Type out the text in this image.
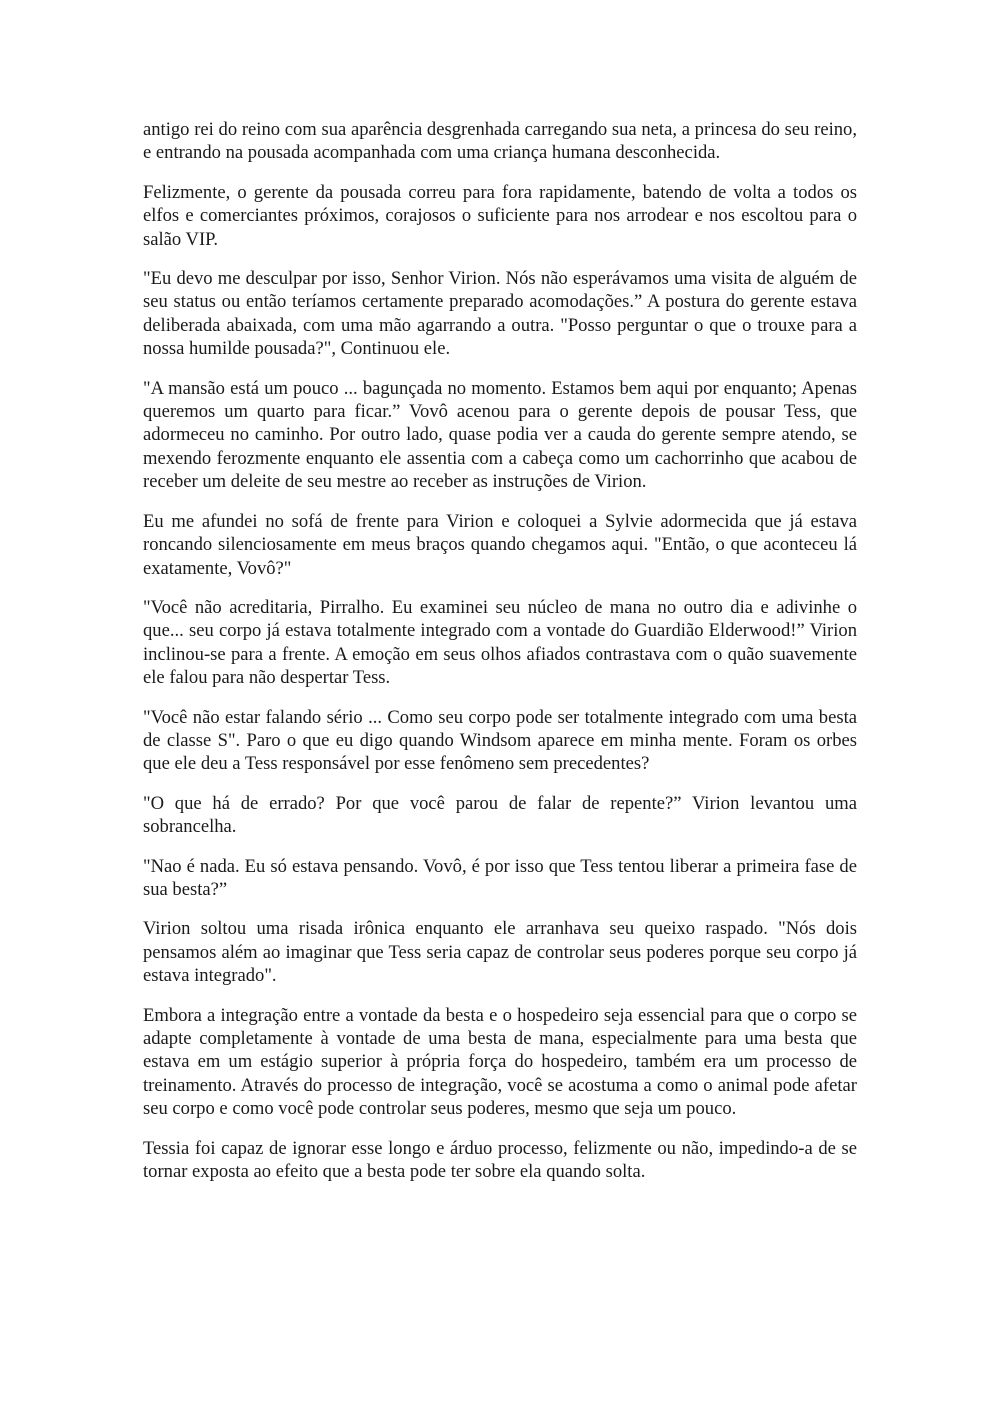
antigo rei do reino com sua aparência desgrenhada carregando sua neta, a princesa do seu reino, e entrando na pousada acompanhada com uma criança humana desconhecida.

Felizmente, o gerente da pousada correu para fora rapidamente, batendo de volta a todos os elfos e comerciantes próximos, corajosos o suficiente para nos arrodear e nos escoltou para o salão VIP.

"Eu devo me desculpar por isso, Senhor Virion. Nós não esperávamos uma visita de alguém de seu status ou então teríamos certamente preparado acomodações.” A postura do gerente estava deliberada abaixada, com uma mão agarrando a outra. "Posso perguntar o que o trouxe para a nossa humilde pousada?", Continuou ele.

"A mansão está um pouco ... bagunçada no momento. Estamos bem aqui por enquanto; Apenas queremos um quarto para ficar.” Vovô acenou para o gerente depois de pousar Tess, que adormeceu no caminho. Por outro lado, quase podia ver a cauda do gerente sempre atendo, se mexendo ferozmente enquanto ele assentia com a cabeça como um cachorrinho que acabou de receber um deleite de seu mestre ao receber as instruções de Virion.

Eu me afundei no sofá de frente para Virion e coloquei a Sylvie adormecida que já estava roncando silenciosamente em meus braços quando chegamos aqui. "Então, o que aconteceu lá exatamente, Vovô?"

"Você não acreditaria, Pirralho. Eu examinei seu núcleo de mana no outro dia e adivinhe o que... seu corpo já estava totalmente integrado com a vontade do Guardião Elderwood!” Virion inclinou-se para a frente. A emoção em seus olhos afiados contrastava com o quão suavemente ele falou para não despertar Tess.

"Você não estar falando sério ... Como seu corpo pode ser totalmente integrado com uma besta de classe S". Paro o que eu digo quando Windsom aparece em minha mente. Foram os orbes que ele deu a Tess responsável por esse fenômeno sem precedentes?

"O que há de errado? Por que você parou de falar de repente?” Virion levantou uma sobrancelha.

"Nao é nada. Eu só estava pensando. Vovô, é por isso que Tess tentou liberar a primeira fase de sua besta?”

Virion soltou uma risada irônica enquanto ele arranhava seu queixo raspado. "Nós dois pensamos além ao imaginar que Tess seria capaz de controlar seus poderes porque seu corpo já estava integrado".

Embora a integração entre a vontade da besta e o hospedeiro seja essencial para que o corpo se adapte completamente à vontade de uma besta de mana, especialmente para uma besta que estava em um estágio superior à própria força do hospedeiro, também era um processo de treinamento. Através do processo de integração, você se acostuma a como o animal pode afetar seu corpo e como você pode controlar seus poderes, mesmo que seja um pouco.

Tessia foi capaz de ignorar esse longo e árduo processo, felizmente ou não, impedindo-a de se tornar exposta ao efeito que a besta pode ter sobre ela quando solta.
